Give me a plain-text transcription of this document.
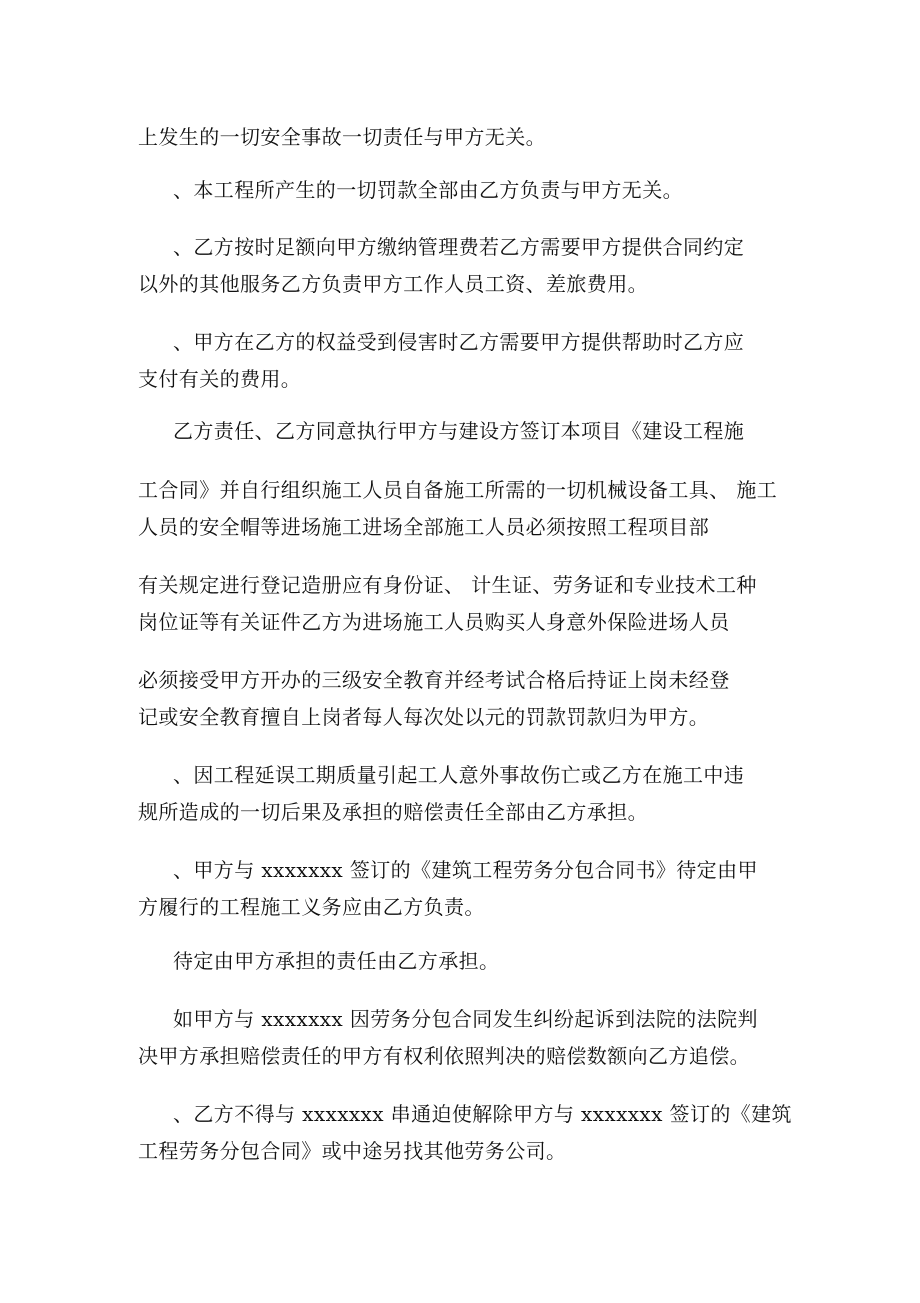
上发生的一切安全事故一切责任与甲方无关。
、本工程所产生的一切罚款全部由乙方负责与甲方无关。
、乙方按时足额向甲方缴纳管理费若乙方需要甲方提供合同约定
以外的其他服务乙方负责甲方工作人员工资、差旅费用。
、甲方在乙方的权益受到侵害时乙方需要甲方提供帮助时乙方应
支付有关的费用。
乙方责任、乙方同意执行甲方与建设方签订本项目《建设工程施
工合同》并自行组织施工人员自备施工所需的一切机械设备工具、 施工
人员的安全帽等进场施工进场全部施工人员必须按照工程项目部
有关规定进行登记造册应有身份证、 计生证、劳务证和专业技术工种
岗位证等有关证件乙方为进场施工人员购买人身意外保险进场人员
必须接受甲方开办的三级安全教育并经考试合格后持证上岗未经登
记或安全教育擅自上岗者每人每次处以元的罚款罚款归为甲方。
、因工程延误工期质量引起工人意外事故伤亡或乙方在施工中违
规所造成的一切后果及承担的赔偿责任全部由乙方承担。
、甲方与 xxxxxxx 签订的《建筑工程劳务分包合同书》待定由甲
方履行的工程施工义务应由乙方负责。
待定由甲方承担的责任由乙方承担。
如甲方与 xxxxxxx 因劳务分包合同发生纠纷起诉到法院的法院判
决甲方承担赔偿责任的甲方有权利依照判决的赔偿数额向乙方追偿。
、乙方不得与 xxxxxxx 串通迫使解除甲方与 xxxxxxx 签订的《建筑
工程劳务分包合同》或中途另找其他劳务公司。
